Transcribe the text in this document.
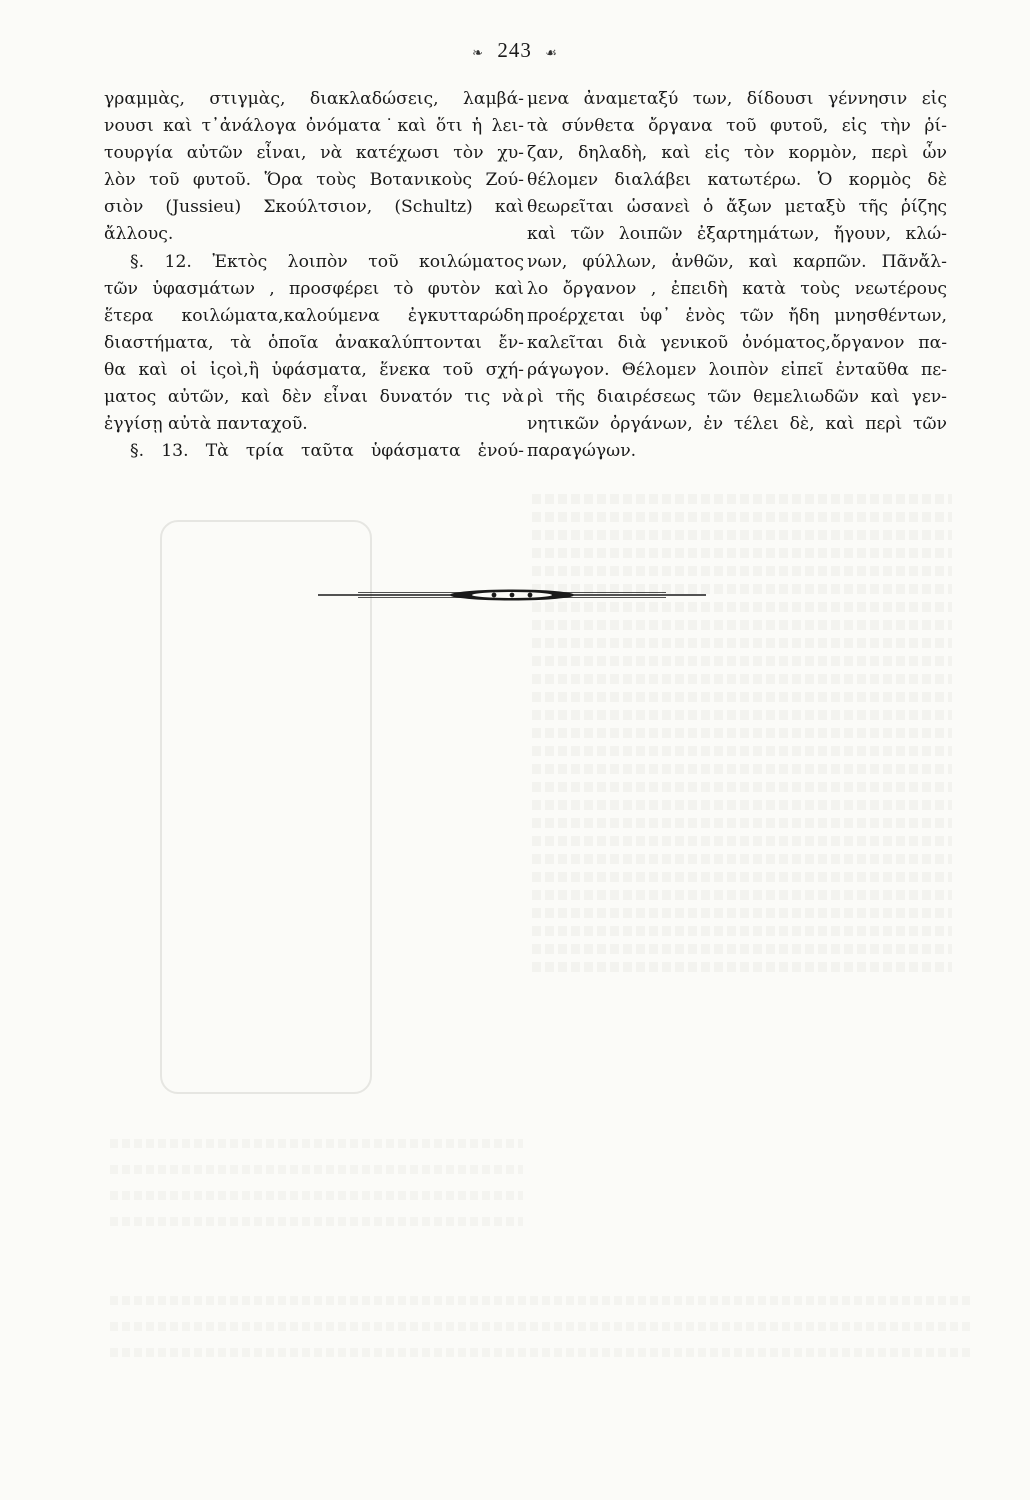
❧ 243 ☙
γραμμὰς, στιγμὰς, διακλαδώσεις, λαμβά-
νουσι καὶ τ᾽ἀνάλογα ὀνόματα˙καὶ ὅτι ἡ λει-
τουργία αὐτῶν εἶναι, νὰ κατέχωσι τὸν χυ-
λὸν τοῦ φυτοῦ. Ὅρα τοὺς Βοτανικοὺς Ζού-
σιὸν (Jussieu) Σκούλτσιον, (Schultz) καὶ
ἄλλους.
§. 12. Ἐκτὸς λοιπὸν τοῦ κοιλώματος
τῶν ὑφασμάτων , προσφέρει τὸ φυτὸν καὶ
ἕτερα κοιλώματα,καλούμενα ἐγκυτταρώδη
διαστήματα, τὰ ὁποῖα ἀνακαλύπτονται ἔν-
θα καὶ οἱ ἰςοὶ,ἢ ὑφάσματα, ἕνεκα τοῦ σχή-
ματος αὐτῶν, καὶ δὲν εἶναι δυνατόν τις νὰ
ἐγγίσῃ αὐτὰ πανταχοῦ.
§. 13. Τὰ τρία ταῦτα ὑφάσματα ἑνού-
μενα ἀναμεταξύ των, δίδουσι γέννησιν εἰς
τὰ σύνθετα ὄργανα τοῦ φυτοῦ, εἰς τὴν ῥί-
ζαν, δηλαδὴ, καὶ εἰς τὸν κορμὸν, περὶ ὧν
θέλομεν διαλάβει κατωτέρω. Ὁ κορμὸς δὲ
θεωρεῖται ὡσανεὶ ὁ ἄξων μεταξὺ τῆς ῥίζης
καὶ τῶν λοιπῶν ἐξαρτημάτων, ἤγουν, κλώ-
νων, φύλλων, ἀνθῶν, καὶ καρπῶν. Πᾶνἄλ-
λο ὄργανον , ἐπειδὴ κατὰ τοὺς νεωτέρους
προέρχεται ὑφ᾽ ἑνὸς τῶν ἤδη μνησθέντων,
καλεῖται διὰ γενικοῦ ὀνόματος,ὄργανον πα-
ράγωγον. Θέλομεν λοιπὸν εἰπεῖ ἐνταῦθα πε-
ρὶ τῆς διαιρέσεως τῶν θεμελιωδῶν καὶ γεν-
νητικῶν ὀργάνων, ἐν τέλει δὲ, καὶ περὶ τῶν
παραγώγων.
